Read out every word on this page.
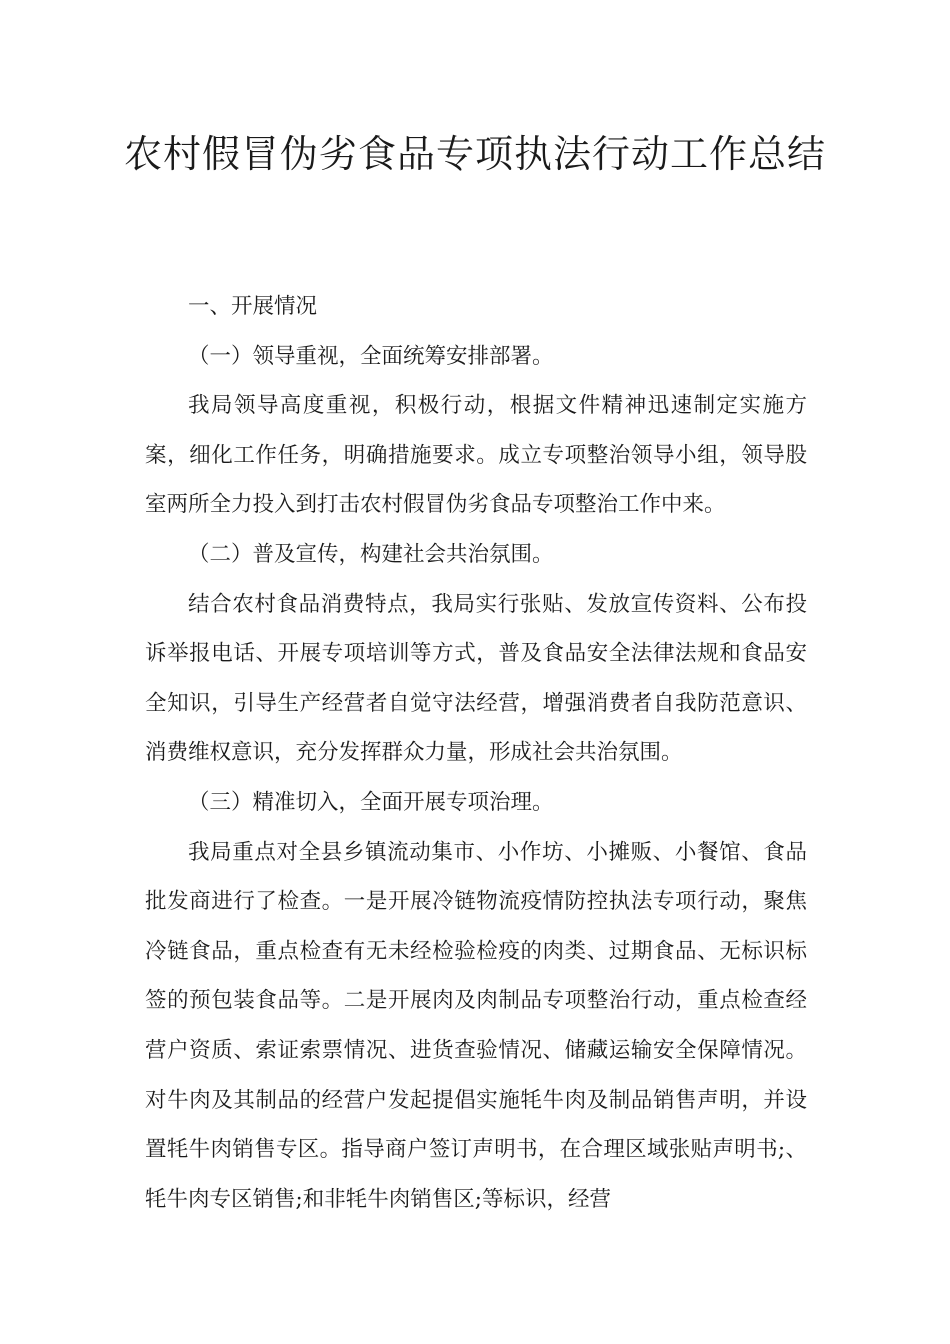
农村假冒伪劣食品专项执法行动工作总结

一、开展情况

（一）领导重视，全面统筹安排部署。

我局领导高度重视，积极行动，根据文件精神迅速制定实施方案，细化工作任务，明确措施要求。成立专项整治领导小组，领导股室两所全力投入到打击农村假冒伪劣食品专项整治工作中来。

（二）普及宣传，构建社会共治氛围。

结合农村食品消费特点，我局实行张贴、发放宣传资料、公布投诉举报电话、开展专项培训等方式，普及食品安全法律法规和食品安全知识，引导生产经营者自觉守法经营，增强消费者自我防范意识、消费维权意识，充分发挥群众力量，形成社会共治氛围。

（三）精准切入，全面开展专项治理。

我局重点对全县乡镇流动集市、小作坊、小摊贩、小餐馆、食品批发商进行了检查。一是开展冷链物流疫情防控执法专项行动，聚焦冷链食品，重点检查有无未经检验检疫的肉类、过期食品、无标识标签的预包装食品等。二是开展肉及肉制品专项整治行动，重点检查经营户资质、索证索票情况、进货查验情况、储藏运输安全保障情况。对牛肉及其制品的经营户发起提倡实施牦牛肉及制品销售声明，并设置牦牛肉销售专区。指导商户签订声明书，在合理区域张贴声明书;、牦牛肉专区销售;和非牦牛肉销售区;等标识，经营
